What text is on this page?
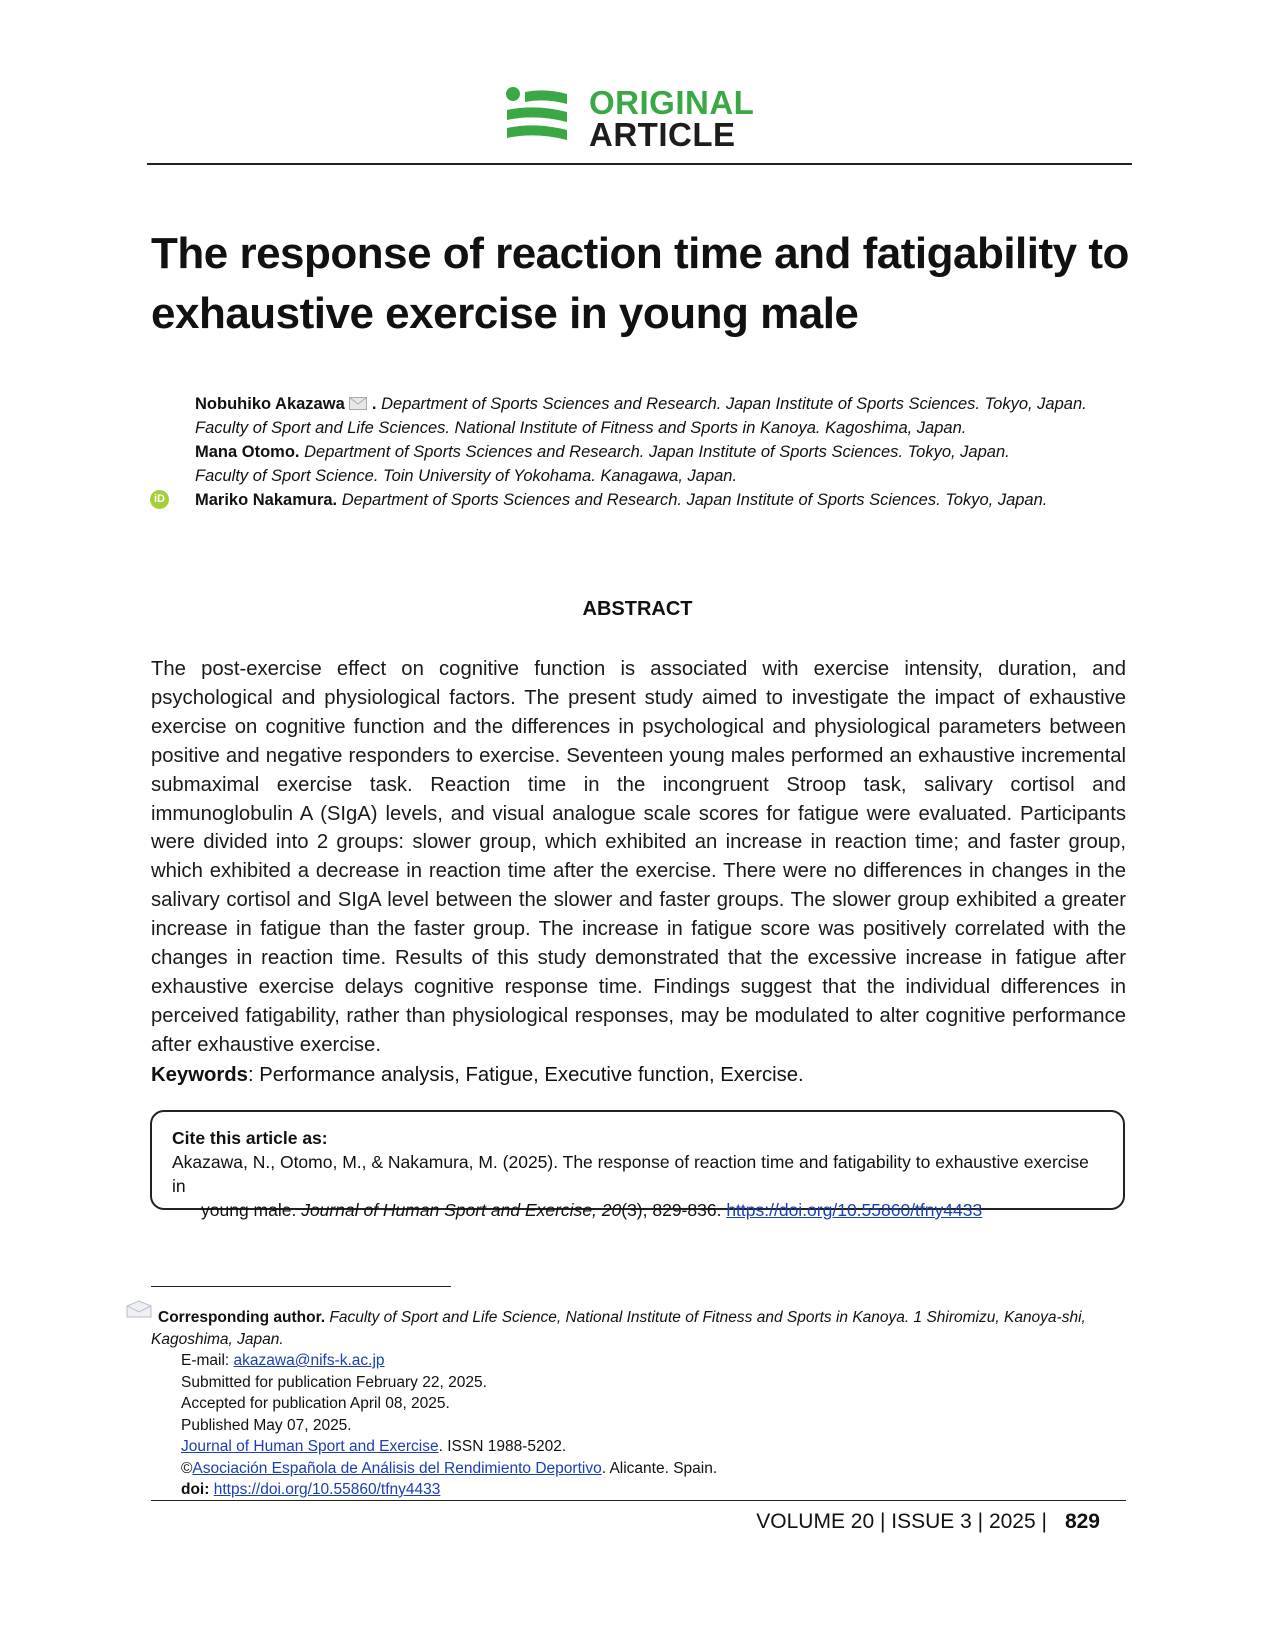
ORIGINAL
ARTICLE
The response of reaction time and fatigability to exhaustive exercise in young male
Nobuhiko Akazawa  . Department of Sports Sciences and Research. Japan Institute of Sports Sciences. Tokyo, Japan.
Faculty of Sport and Life Sciences. National Institute of Fitness and Sports in Kanoya. Kagoshima, Japan.
Mana Otomo. Department of Sports Sciences and Research. Japan Institute of Sports Sciences. Tokyo, Japan.
Faculty of Sport Science. Toin University of Yokohama. Kanagawa, Japan.
iD Mariko Nakamura. Department of Sports Sciences and Research. Japan Institute of Sports Sciences. Tokyo, Japan.
ABSTRACT

The post-exercise effect on cognitive function is associated with exercise intensity, duration, and psychological and physiological factors. The present study aimed to investigate the impact of exhaustive exercise on cognitive function and the differences in psychological and physiological parameters between positive and negative responders to exercise. Seventeen young males performed an exhaustive incremental submaximal exercise task. Reaction time in the incongruent Stroop task, salivary cortisol and immunoglobulin A (SIgA) levels, and visual analogue scale scores for fatigue were evaluated. Participants were divided into 2 groups: slower group, which exhibited an increase in reaction time; and faster group, which exhibited a decrease in reaction time after the exercise. There were no differences in changes in the salivary cortisol and SIgA level between the slower and faster groups. The slower group exhibited a greater increase in fatigue than the faster group. The increase in fatigue score was positively correlated with the changes in reaction time. Results of this study demonstrated that the excessive increase in fatigue after exhaustive exercise delays cognitive response time. Findings suggest that the individual differences in perceived fatigability, rather than physiological responses, may be modulated to alter cognitive performance after exhaustive exercise.

Keywords: Performance analysis, Fatigue, Executive function, Exercise.
Cite this article as:
Akazawa, N., Otomo, M., & Nakamura, M. (2025). The response of reaction time and fatigability to exhaustive exercise in
young male. Journal of Human Sport and Exercise, 20(3), 829-836. https://doi.org/10.55860/tfny4433
Corresponding author. Faculty of Sport and Life Science, National Institute of Fitness and Sports in Kanoya. 1 Shiromizu, Kanoya-shi,
Kagoshima, Japan.
E-mail: akazawa@nifs-k.ac.jp
Submitted for publication February 22, 2025.
Accepted for publication April 08, 2025.
Published May 07, 2025.
Journal of Human Sport and Exercise. ISSN 1988-5202.
©Asociación Española de Análisis del Rendimiento Deportivo. Alicante. Spain.
doi: https://doi.org/10.55860/tfny4433
VOLUME 20 | ISSUE 3 | 2025 | 829
